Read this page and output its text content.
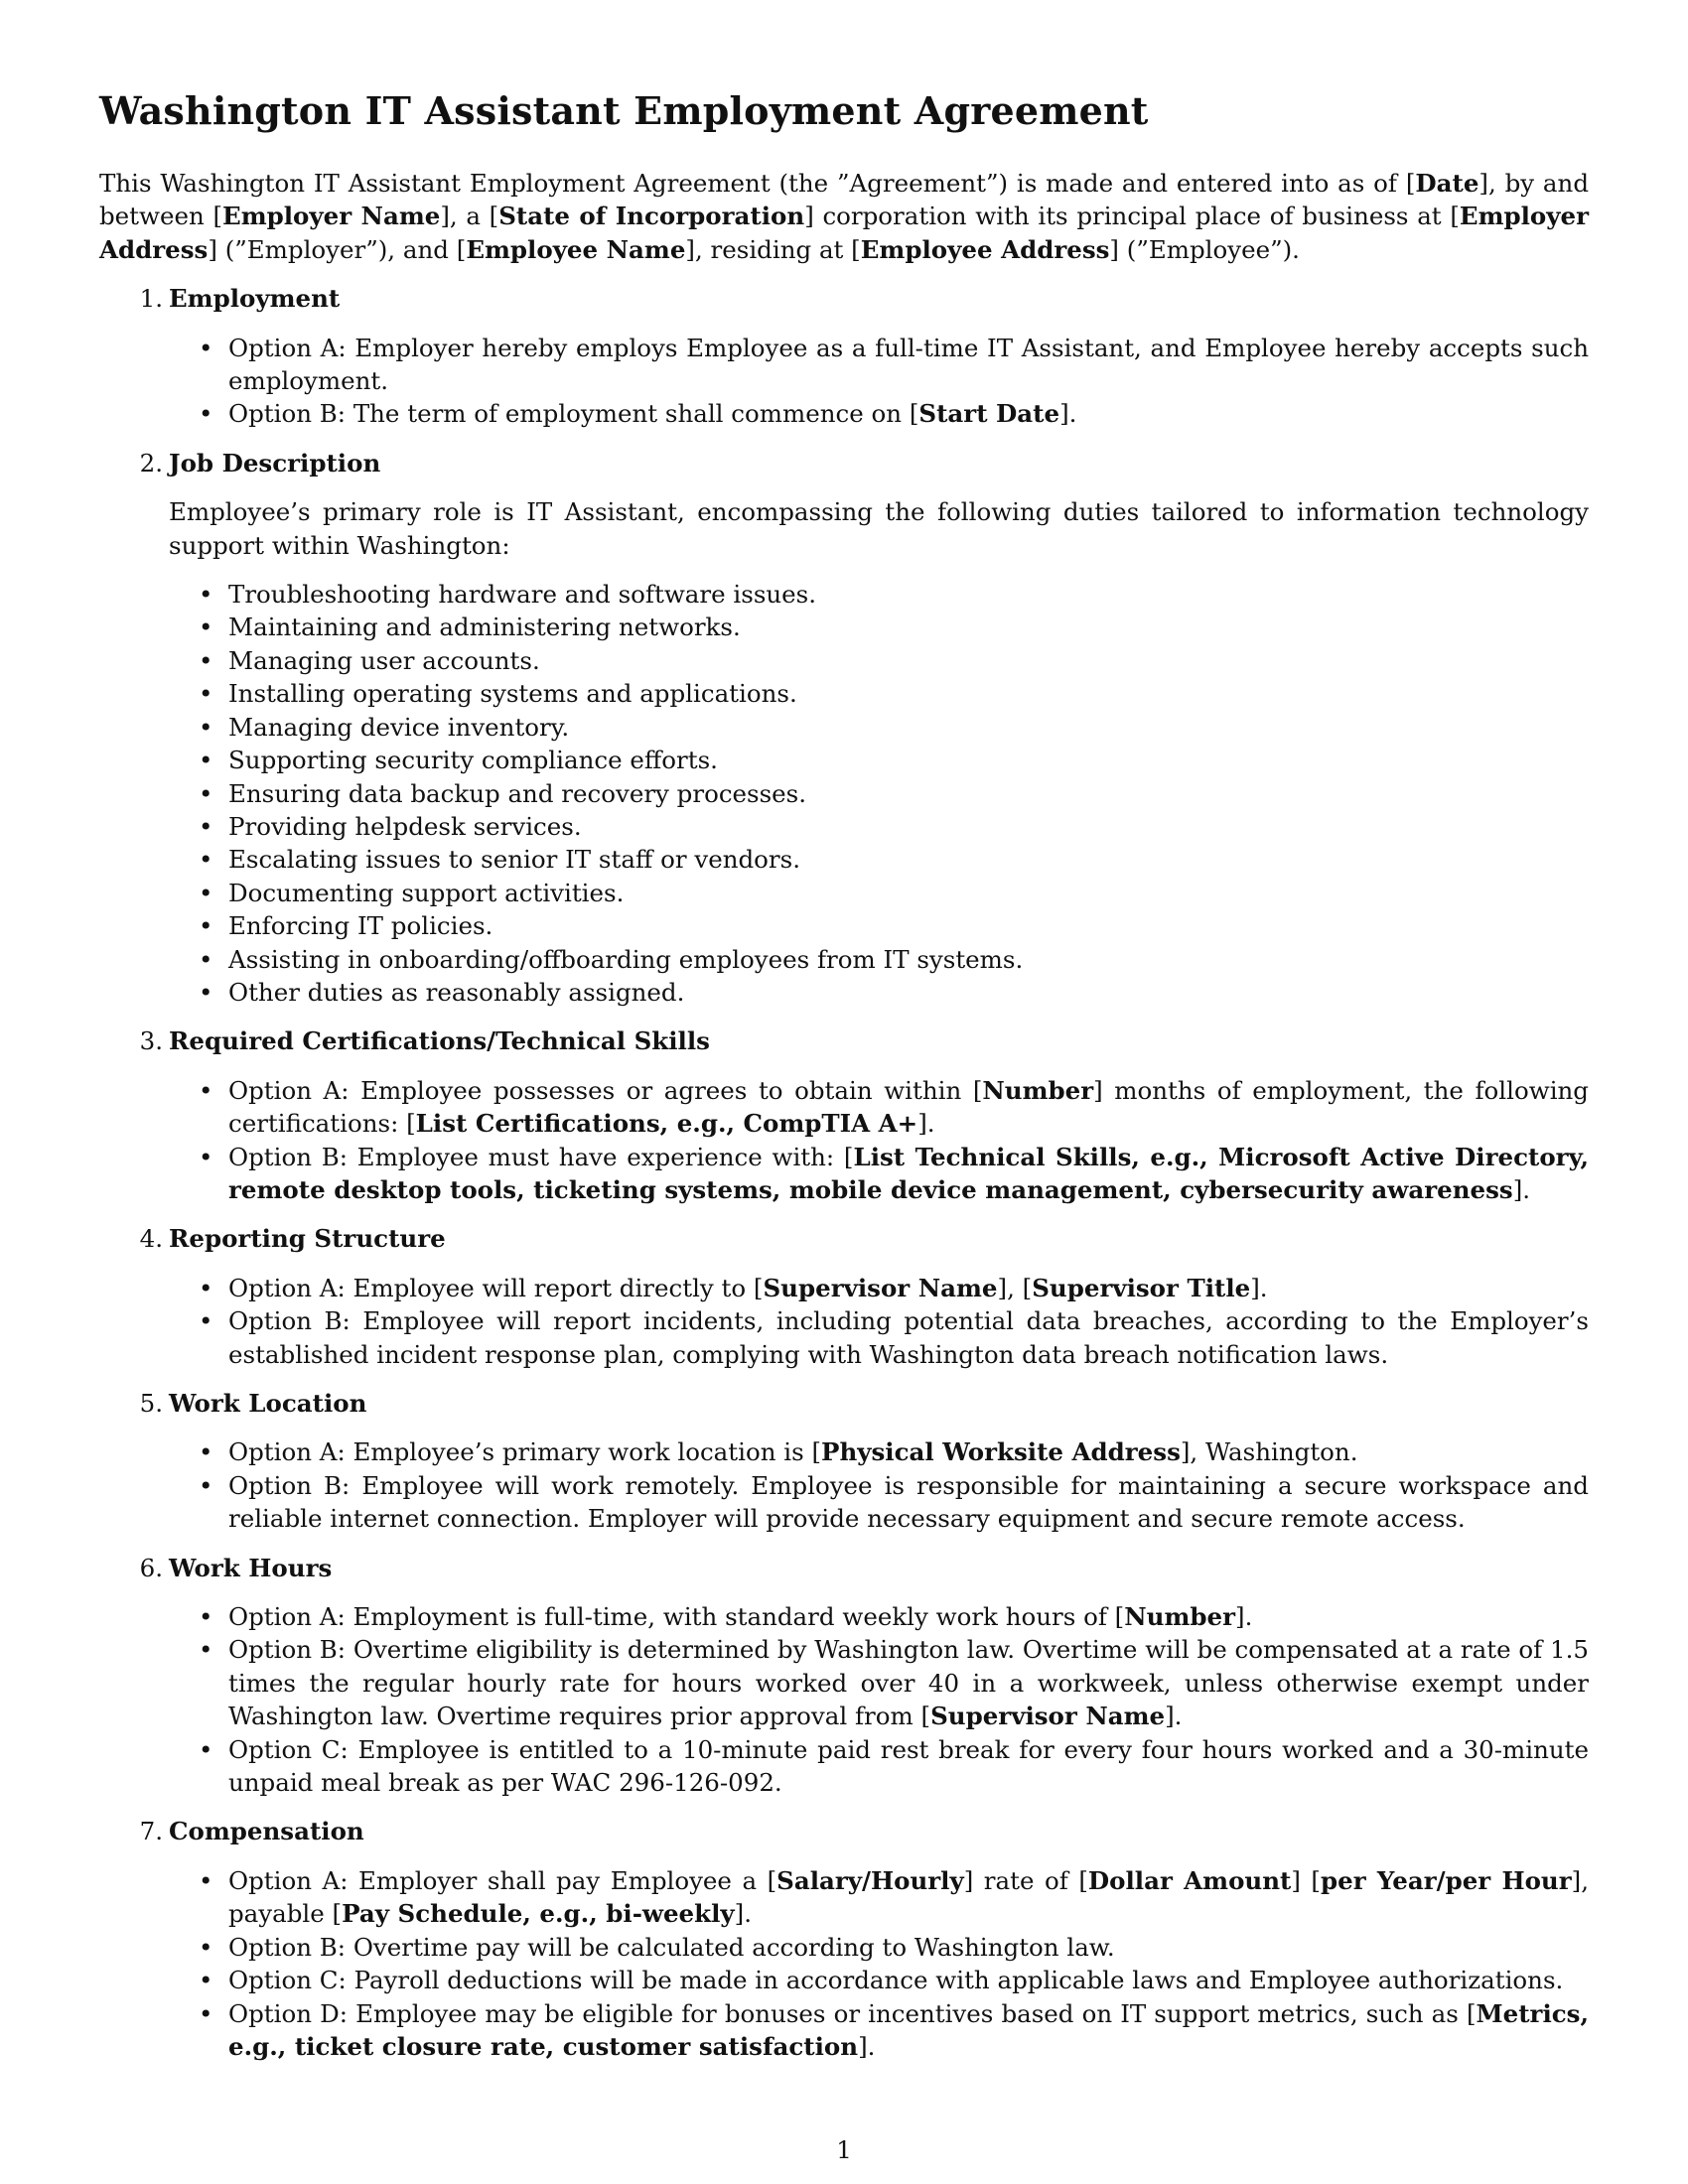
Washington IT Assistant Employment Agreement

This Washington IT Assistant Employment Agreement (the ”Agreement”) is made and entered into as of [Date], by and between [Employer Name], a [State of Incorporation] corporation with its principal place of business at [Employer Address] (”Employer”), and [Employee Name], residing at [Employee Address] (”Employee”).

1. Employment
• Option A: Employer hereby employs Employee as a full-time IT Assistant, and Employee hereby accepts such employment.
• Option B: The term of employment shall commence on [Start Date].
2. Job Description

Employee’s primary role is IT Assistant, encompassing the following duties tailored to information technology support within Washington:

• Troubleshooting hardware and software issues.
• Maintaining and administering networks.
• Managing user accounts.
• Installing operating systems and applications.
• Managing device inventory.
• Supporting security compliance efforts.
• Ensuring data backup and recovery processes.
• Providing helpdesk services.
• Escalating issues to senior IT staff or vendors.
• Documenting support activities.
• Enforcing IT policies.
• Assisting in onboarding/offboarding employees from IT systems.
• Other duties as reasonably assigned.
3. Required Certifications/Technical Skills
• Option A: Employee possesses or agrees to obtain within [Number] months of employment, the following certifications: [List Certifications, e.g., CompTIA A+].
• Option B: Employee must have experience with: [List Technical Skills, e.g., Microsoft Active Directory, remote desktop tools, ticketing systems, mobile device management, cybersecurity awareness].
4. Reporting Structure
• Option A: Employee will report directly to [Supervisor Name], [Supervisor Title].
• Option B: Employee will report incidents, including potential data breaches, according to the Employer’s established incident response plan, complying with Washington data breach notification laws.
5. Work Location
• Option A: Employee’s primary work location is [Physical Worksite Address], Washington.
• Option B: Employee will work remotely. Employee is responsible for maintaining a secure workspace and reliable internet connection. Employer will provide necessary equipment and secure remote access.
6. Work Hours
• Option A: Employment is full-time, with standard weekly work hours of [Number].
• Option B: Overtime eligibility is determined by Washington law. Overtime will be compensated at a rate of 1.5 times the regular hourly rate for hours worked over 40 in a workweek, unless otherwise exempt under Washington law. Overtime requires prior approval from [Supervisor Name].
• Option C: Employee is entitled to a 10-minute paid rest break for every four hours worked and a 30-minute unpaid meal break as per WAC 296-126-092.
7. Compensation
• Option A: Employer shall pay Employee a [Salary/Hourly] rate of [Dollar Amount] [per Year/per Hour], payable [Pay Schedule, e.g., bi-weekly].
• Option B: Overtime pay will be calculated according to Washington law.
• Option C: Payroll deductions will be made in accordance with applicable laws and Employee authorizations.
• Option D: Employee may be eligible for bonuses or incentives based on IT support metrics, such as [Metrics, e.g., ticket closure rate, customer satisfaction].
1
